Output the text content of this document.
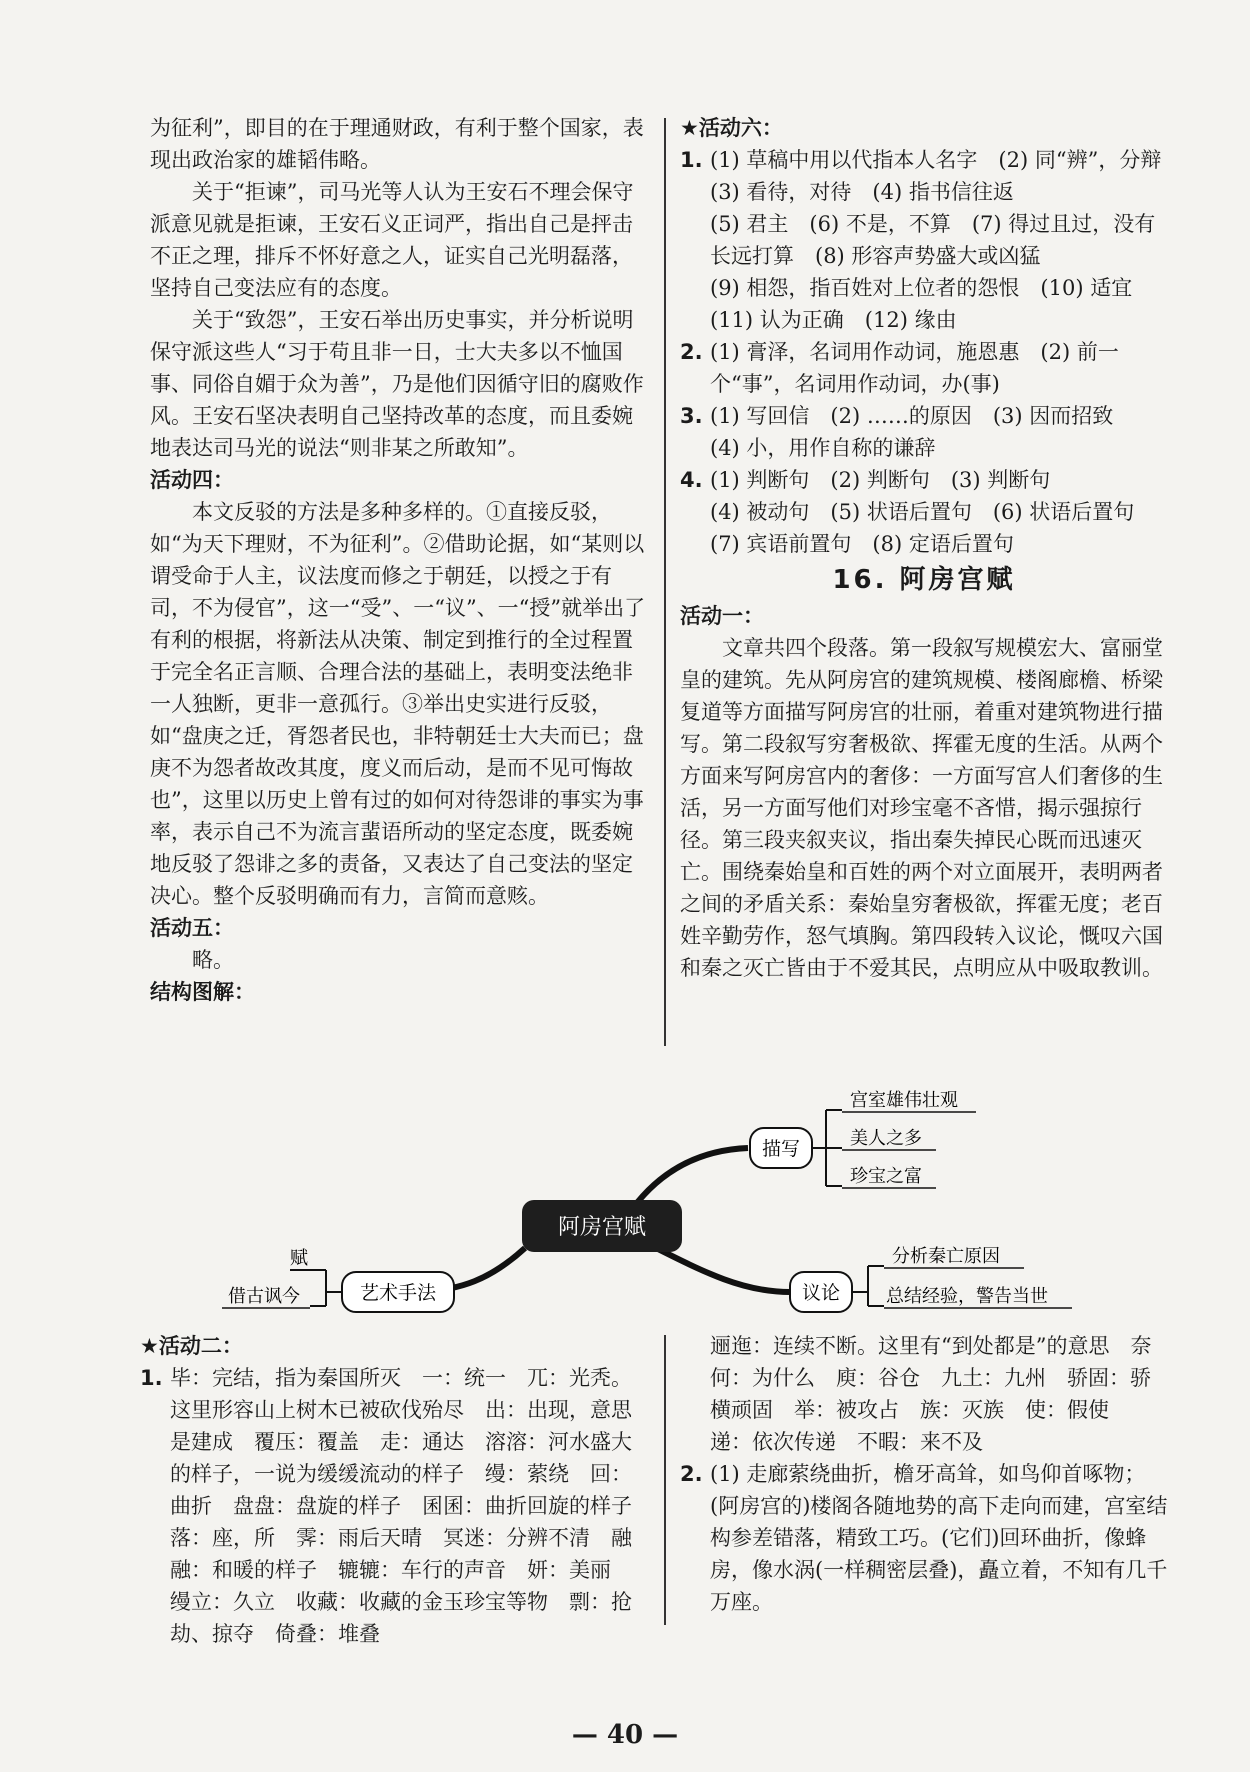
为征利”，即目的在于理通财政，有利于整个国家，表现出政治家的雄韬伟略。

关于“拒谏”，司马光等人认为王安石不理会保守派意见就是拒谏，王安石义正词严，指出自己是抨击不正之理，排斥不怀好意之人，证实自己光明磊落，坚持自己变法应有的态度。

关于“致怨”，王安石举出历史事实，并分析说明保守派这些人“习于苟且非一日，士大夫多以不恤国事、同俗自媚于众为善”，乃是他们因循守旧的腐败作风。王安石坚决表明自己坚持改革的态度，而且委婉地表达司马光的说法“则非某之所敢知”。

活动四：

本文反驳的方法是多种多样的。①直接反驳，如“为天下理财，不为征利”。②借助论据，如“某则以谓受命于人主，议法度而修之于朝廷，以授之于有司，不为侵官”，这一“受”、一“议”、一“授”就举出了有利的根据，将新法从决策、制定到推行的全过程置于完全名正言顺、合理合法的基础上，表明变法绝非一人独断，更非一意孤行。③举出史实进行反驳，如“盘庚之迁，胥怨者民也，非特朝廷士大夫而已；盘庚不为怨者故改其度，度义而后动，是而不见可悔故也”，这里以历史上曾有过的如何对待怨诽的事实为事率，表示自己不为流言蜚语所动的坚定态度，既委婉地反驳了怨诽之多的责备，又表达了自己变法的坚定决心。整个反驳明确而有力，言简而意赅。

活动五：

略。

结构图解：

★活动六：

1. (1) 草稿中用以代指本人名字　(2) 同“辨”，分辩　(3) 看待，对待　(4) 指书信往返

(5) 君主　(6) 不是，不算　(7) 得过且过，没有长远打算　(8) 形容声势盛大或凶猛

(9) 相怨，指百姓对上位者的怨恨　(10) 适宜

(11) 认为正确　(12) 缘由

2. (1) 膏泽，名词用作动词，施恩惠　(2) 前一个“事”，名词用作动词，办(事)

3. (1) 写回信　(2) ……的原因　(3) 因而招致

(4) 小，用作自称的谦辞

4. (1) 判断句　(2) 判断句　(3) 判断句

(4) 被动句　(5) 状语后置句　(6) 状语后置句　(7) 宾语前置句　(8) 定语后置句

16. 阿房宫赋

活动一：

文章共四个段落。第一段叙写规模宏大、富丽堂皇的建筑。先从阿房宫的建筑规模、楼阁廊檐、桥梁复道等方面描写阿房宫的壮丽，着重对建筑物进行描写。第二段叙写穷奢极欲、挥霍无度的生活。从两个方面来写阿房宫内的奢侈：一方面写宫人们奢侈的生活，另一方面写他们对珍宝毫不吝惜，揭示强掠行径。第三段夹叙夹议，指出秦失掉民心既而迅速灭亡。围绕秦始皇和百姓的两个对立面展开，表明两者之间的矛盾关系：秦始皇穷奢极欲，挥霍无度；老百姓辛勤劳作，怒气填胸。第四段转入议论，慨叹六国和秦之灭亡皆由于不爱其民，点明应从中吸取教训。

阿房宫赋
描写
宫室雄伟壮观
美人之多
珍宝之富
议论
分析秦亡原因
总结经验，警告当世
艺术手法
赋
借古讽今

★活动二：

1. 毕：完结，指为秦国所灭　一：统一　兀：光秃。这里形容山上树木已被砍伐殆尽　出：出现，意思是建成　覆压：覆盖　走：通达　溶溶：河水盛大的样子，一说为缓缓流动的样子　缦：萦绕　回：曲折　盘盘：盘旋的样子　囷囷：曲折回旋的样子　落：座，所　霁：雨后天晴　冥迷：分辨不清　融融：和暖的样子　辘辘：车行的声音　妍：美丽　缦立：久立　收藏：收藏的金玉珍宝等物　剽：抢劫、掠夺　倚叠：堆叠

逦迤：连续不断。这里有“到处都是”的意思　奈何：为什么　庾：谷仓　九土：九州　骄固：骄横顽固　举：被攻占　族：灭族　使：假使　递：依次传递　不暇：来不及

2. (1) 走廊萦绕曲折，檐牙高耸，如鸟仰首啄物；(阿房宫的)楼阁各随地势的高下走向而建，宫室结构参差错落，精致工巧。(它们)回环曲折，像蜂房，像水涡(一样稠密层叠)，矗立着，不知有几千万座。
— 40 —
